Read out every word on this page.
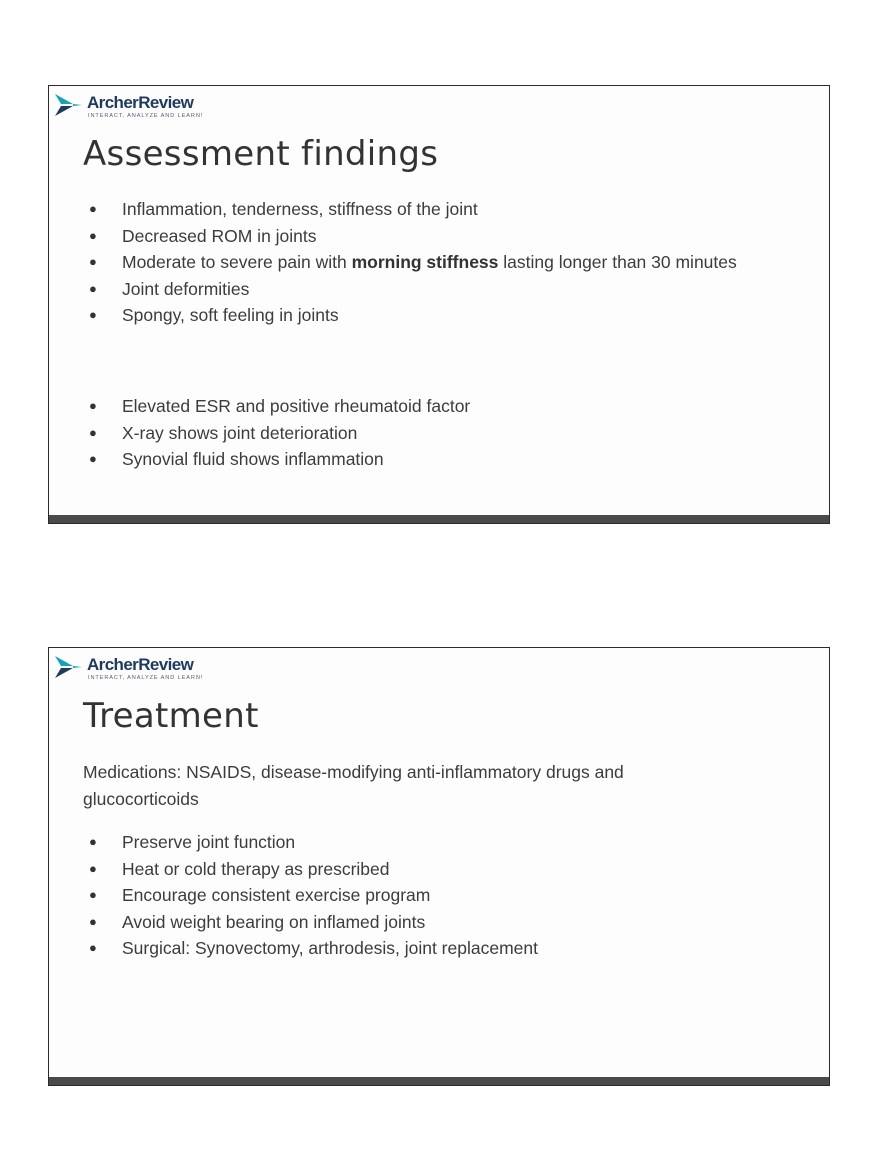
ArcherReview
INTERACT, ANALYZE AND LEARN!
Assessment findings
● Inflammation, tenderness, stiffness of the joint
● Decreased ROM in joints
● Moderate to severe pain with morning stiffness lasting longer than 30 minutes
● Joint deformities
● Spongy, soft feeling in joints
● Elevated ESR and positive rheumatoid factor
● X-ray shows joint deterioration
● Synovial fluid shows inflammation
ArcherReview
INTERACT, ANALYZE AND LEARN!
Treatment

Medications: NSAIDS, disease-modifying anti-inflammatory drugs and glucocorticoids

● Preserve joint function
● Heat or cold therapy as prescribed
● Encourage consistent exercise program
● Avoid weight bearing on inflamed joints
● Surgical: Synovectomy, arthrodesis, joint replacement
